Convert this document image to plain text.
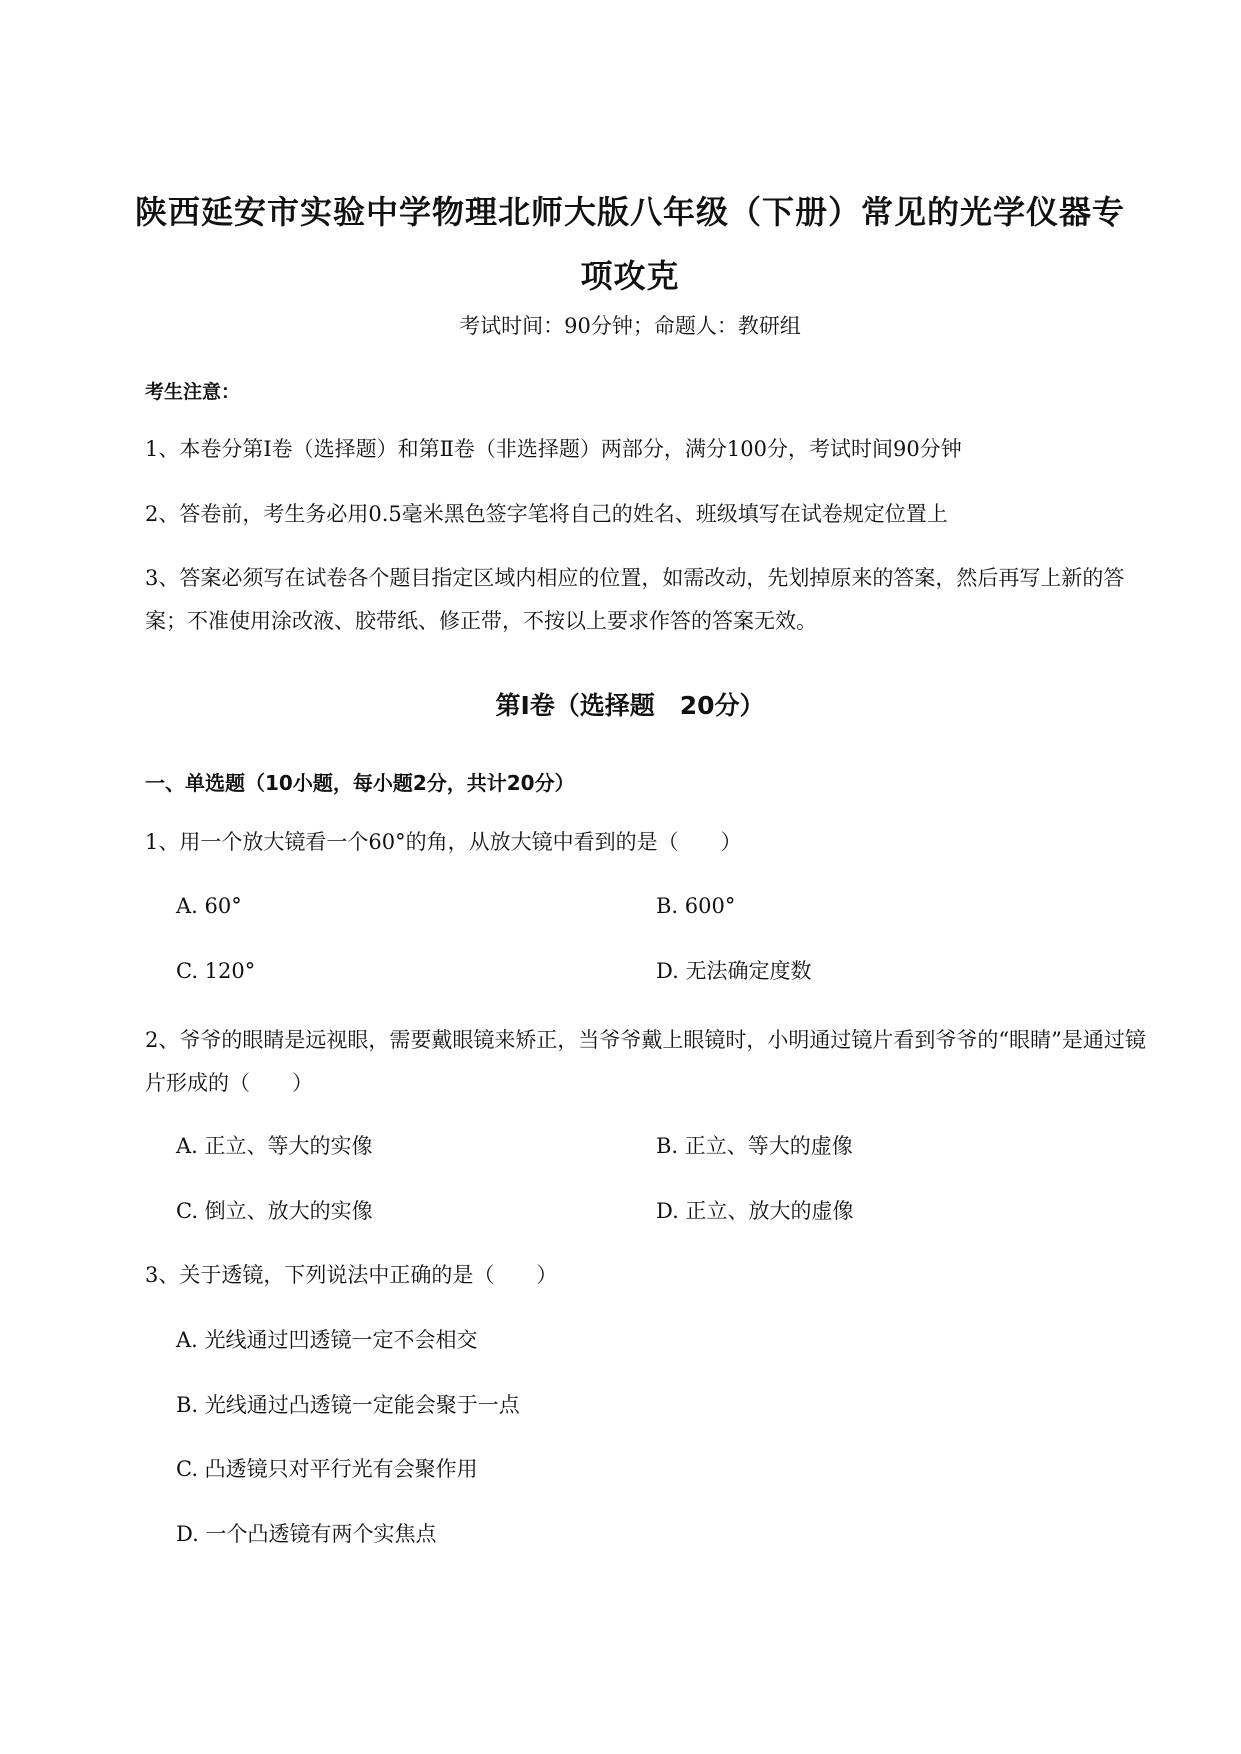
陕西延安市实验中学物理北师大版八年级（下册）常见的光学仪器专项攻克
考试时间：90分钟；命题人：教研组
考生注意：
1、本卷分第I卷（选择题）和第Ⅱ卷（非选择题）两部分，满分100分，考试时间90分钟
2、答卷前，考生务必用0.5毫米黑色签字笔将自己的姓名、班级填写在试卷规定位置上
3、答案必须写在试卷各个题目指定区域内相应的位置，如需改动，先划掉原来的答案，然后再写上新的答案；不准使用涂改液、胶带纸、修正带，不按以上要求作答的答案无效。
第I卷（选择题　20分）
一、单选题（10小题，每小题2分，共计20分）
1、用一个放大镜看一个60°的角，从放大镜中看到的是（　　）
A. 60°	B. 600°
C. 120°	D. 无法确定度数
2、爷爷的眼睛是远视眼，需要戴眼镜来矫正，当爷爷戴上眼镜时，小明通过镜片看到爷爷的“眼睛”是通过镜片形成的（　　）
A. 正立、等大的实像	B. 正立、等大的虚像
C. 倒立、放大的实像	D. 正立、放大的虚像
3、关于透镜，下列说法中正确的是（　　）
A. 光线通过凹透镜一定不会相交
B. 光线通过凸透镜一定能会聚于一点
C. 凸透镜只对平行光有会聚作用
D. 一个凸透镜有两个实焦点
